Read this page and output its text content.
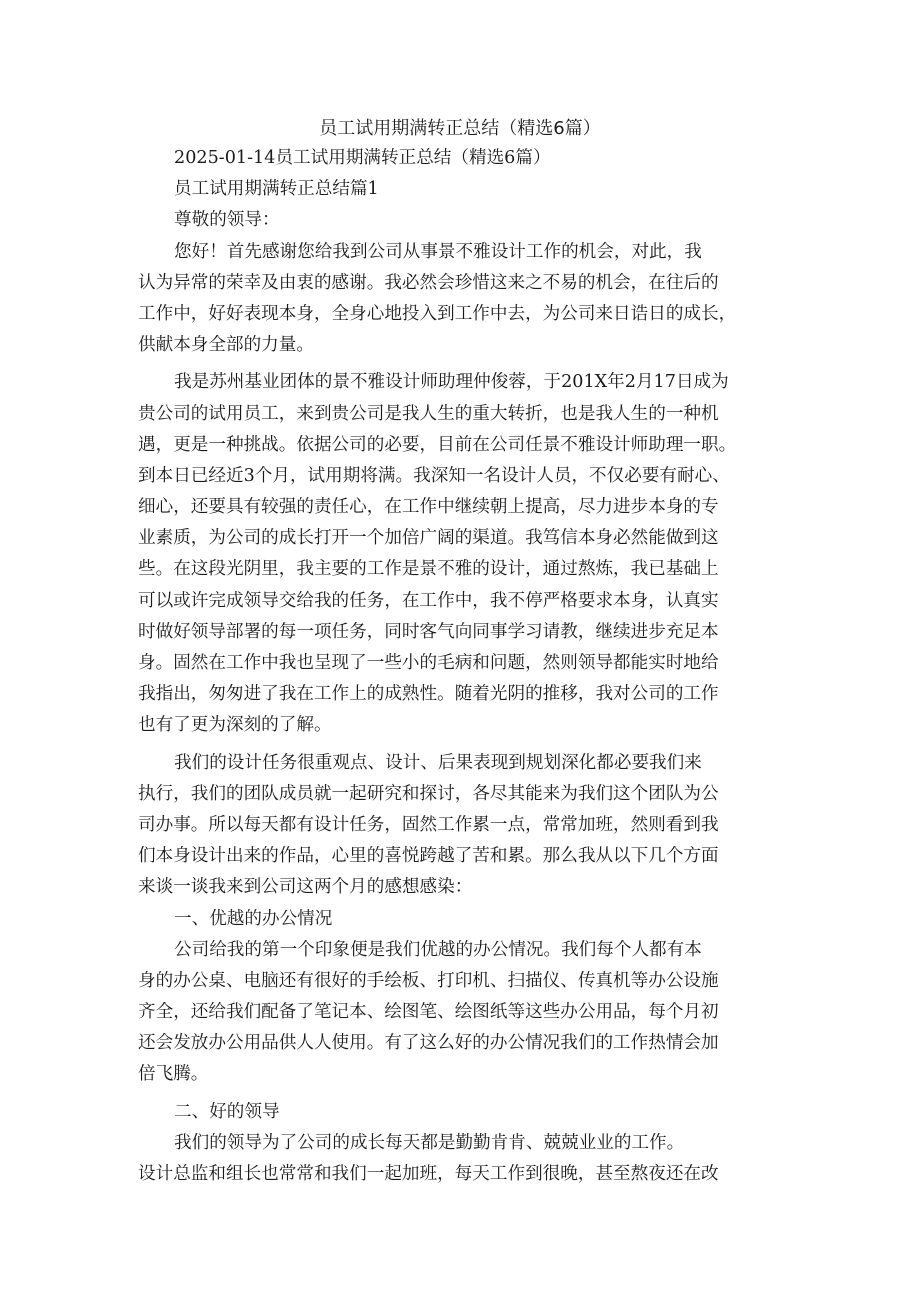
员工试用期满转正总结（精选6篇）
2025-01-14员工试用期满转正总结（精选6篇）
员工试用期满转正总结篇1
尊敬的领导：
您好！首先感谢您给我到公司从事景不雅设计工作的机会，对此，我
认为异常的荣幸及由衷的感谢。我必然会珍惜这来之不易的机会，在往后的
工作中，好好表现本身，全身心地投入到工作中去，为公司来日诰日的成长，
供献本身全部的力量。
我是苏州基业团体的景不雅设计师助理仲俊蓉，于201X年2月17日成为
贵公司的试用员工，来到贵公司是我人生的重大转折，也是我人生的一种机
遇，更是一种挑战。依据公司的必要，目前在公司任景不雅设计师助理一职。
到本日已经近3个月，试用期将满。我深知一名设计人员，不仅必要有耐心、
细心，还要具有较强的责任心，在工作中继续朝上提高，尽力进步本身的专
业素质，为公司的成长打开一个加倍广阔的渠道。我笃信本身必然能做到这
些。在这段光阴里，我主要的工作是景不雅的设计，通过熬炼，我已基础上
可以或许完成领导交给我的任务，在工作中，我不停严格要求本身，认真实
时做好领导部署的每一项任务，同时客气向同事学习请教，继续进步充足本
身。固然在工作中我也呈现了一些小的毛病和问题，然则领导都能实时地给
我指出，匆匆进了我在工作上的成熟性。随着光阴的推移，我对公司的工作
也有了更为深刻的了解。
我们的设计任务很重观点、设计、后果表现到规划深化都必要我们来
执行，我们的团队成员就一起研究和探讨，各尽其能来为我们这个团队为公
司办事。所以每天都有设计任务，固然工作累一点，常常加班，然则看到我
们本身设计出来的作品，心里的喜悦跨越了苦和累。那么我从以下几个方面
来谈一谈我来到公司这两个月的感想感染：
一、优越的办公情况
公司给我的第一个印象便是我们优越的办公情况。我们每个人都有本
身的办公桌、电脑还有很好的手绘板、打印机、扫描仪、传真机等办公设施
齐全，还给我们配备了笔记本、绘图笔、绘图纸等这些办公用品，每个月初
还会发放办公用品供人人使用。有了这么好的办公情况我们的工作热情会加
倍飞腾。
二、好的领导
我们的领导为了公司的成长每天都是勤勤肯肯、兢兢业业的工作。
设计总监和组长也常常和我们一起加班，每天工作到很晚，甚至熬夜还在改
